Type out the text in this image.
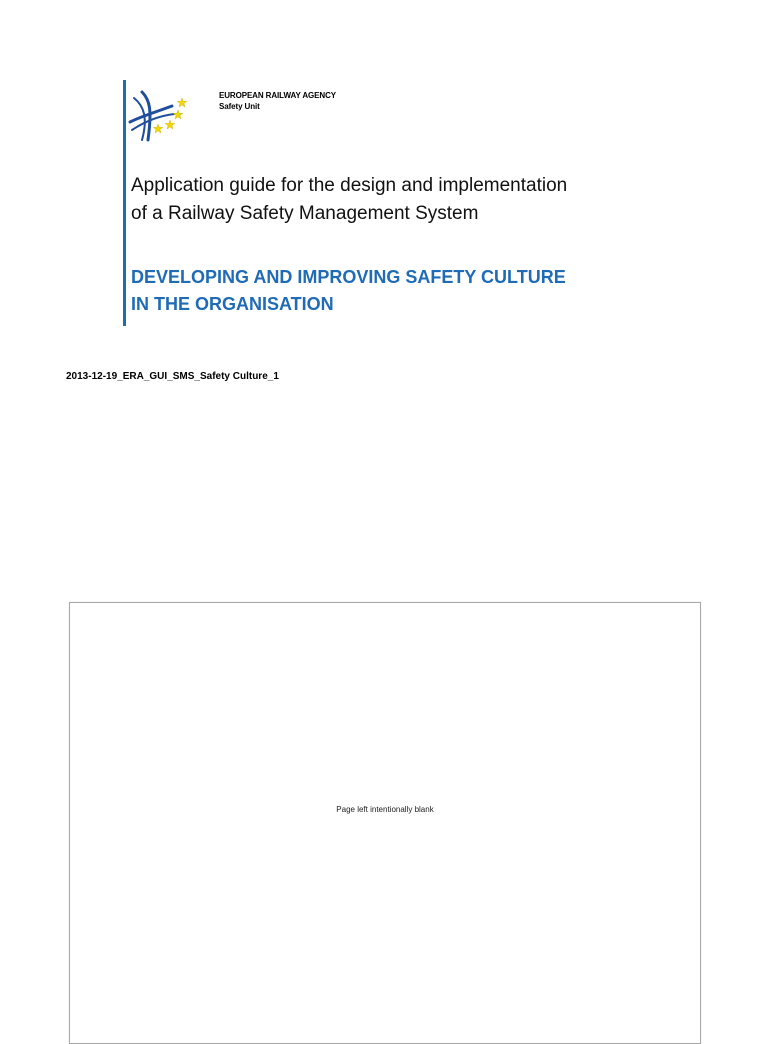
EUROPEAN RAILWAY AGENCY
Safety Unit
Application guide for the design and implementation
of a Railway Safety Management System
DEVELOPING AND IMPROVING SAFETY CULTURE
IN THE ORGANISATION
2013-12-19_ERA_GUI_SMS_Safety Culture_1
Page left intentionally blank
